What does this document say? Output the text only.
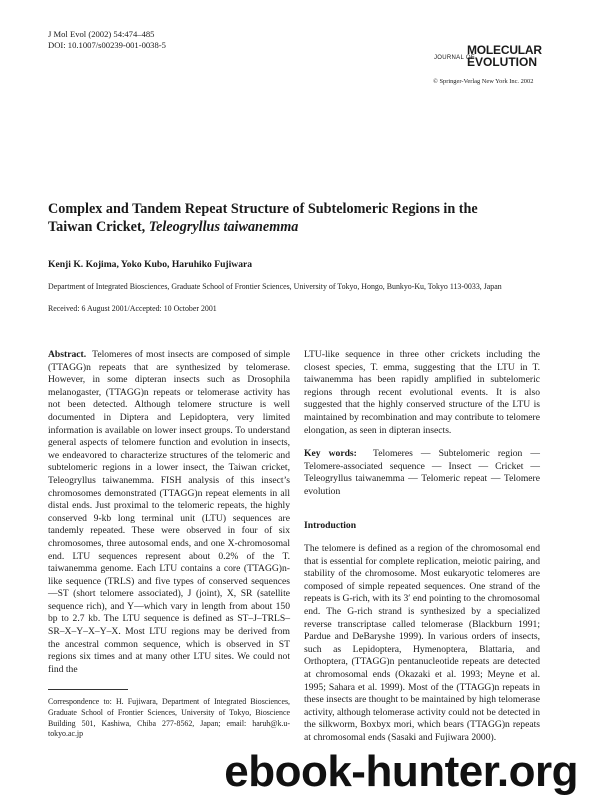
J Mol Evol (2002) 54:474–485
DOI: 10.1007/s00239-001-0038-5
JOURNAL OF
MOLECULAR
EVOLUTION
© Springer-Verlag New York Inc. 2002
Complex and Tandem Repeat Structure of Subtelomeric Regions in the
Taiwan Cricket, Teleogryllus taiwanemma
Kenji K. Kojima, Yoko Kubo, Haruhiko Fujiwara
Department of Integrated Biosciences, Graduate School of Frontier Sciences, University of Tokyo, Hongo, Bunkyo-Ku, Tokyo 113-0033, Japan
Received: 6 August 2001/Accepted: 10 October 2001
Abstract. Telomeres of most insects are composed of simple (TTAGG)n repeats that are synthesized by telomerase. However, in some dipteran insects such as Drosophila melanogaster, (TTAGG)n repeats or telomerase activity has not been detected. Although telomere structure is well documented in Diptera and Lepidoptera, very limited information is available on lower insect groups. To understand general aspects of telomere function and evolution in insects, we endeavored to characterize structures of the telomeric and subtelomeric regions in a lower insect, the Taiwan cricket, Teleogryllus taiwanemma. FISH analysis of this insect’s chromosomes demonstrated (TTAGG)n repeat elements in all distal ends. Just proximal to the telomeric repeats, the highly conserved 9-kb long terminal unit (LTU) sequences are tandemly repeated. These were observed in four of six chromosomes, three autosomal ends, and one X-chromosomal end. LTU sequences represent about 0.2% of the T. taiwanemma genome. Each LTU contains a core (TTAGG)n-like sequence (TRLS) and five types of conserved sequences—ST (short telomere associated), J (joint), X, SR (satellite sequence rich), and Y—which vary in length from about 150 bp to 2.7 kb. The LTU sequence is defined as ST–J–TRLS–SR–X–Y–X–Y–X. Most LTU regions may be derived from the ancestral common sequence, which is observed in ST regions six times and at many other LTU sites. We could not find the
LTU-like sequence in three other crickets including the closest species, T. emma, suggesting that the LTU in T. taiwanemma has been rapidly amplified in subtelomeric regions through recent evolutional events. It is also suggested that the highly conserved structure of the LTU is maintained by recombination and may contribute to telomere elongation, as seen in dipteran insects.
Key words: Telomeres — Subtelomeric region — Telomere-associated sequence — Insect — Cricket — Teleogryllus taiwanemma — Telomeric repeat — Telomere evolution
Introduction
The telomere is defined as a region of the chromosomal end that is essential for complete replication, meiotic pairing, and stability of the chromosome. Most eukaryotic telomeres are composed of simple repeated sequences. One strand of the repeats is G-rich, with its 3′ end pointing to the chromosomal end. The G-rich strand is synthesized by a specialized reverse transcriptase called telomerase (Blackburn 1991; Pardue and DeBaryshe 1999). In various orders of insects, such as Lepidoptera, Hymenoptera, Blattaria, and Orthoptera, (TTAGG)n pentanucleotide repeats are detected at chromosomal ends (Okazaki et al. 1993; Meyne et al. 1995; Sahara et al. 1999). Most of the (TTAGG)n repeats in these insects are thought to be maintained by high telomerase activity, although telomerase activity could not be detected in the silkworm, Boxbyx mori, which bears (TTAGG)n repeats at chromosomal ends (Sasaki and Fujiwara 2000).
Correspondence to: H. Fujiwara, Department of Integrated Biosciences, Graduate School of Frontier Sciences, University of Tokyo, Bioscience Building 501, Kashiwa, Chiba 277-8562, Japan; email: haruh@k.u-tokyo.ac.jp
ebook-hunter.org
